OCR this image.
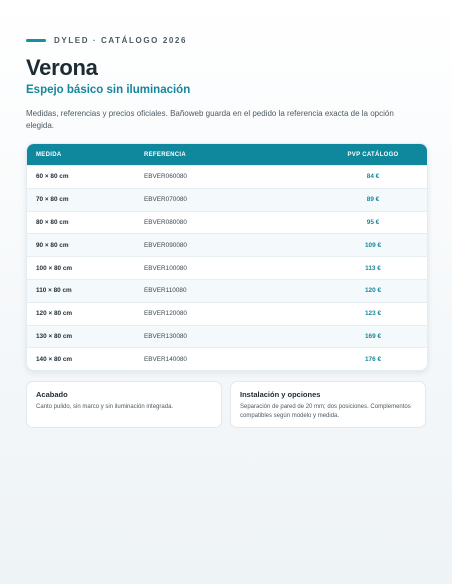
DYLED · CATÁLOGO 2026
Verona
Espejo básico sin iluminación
Medidas, referencias y precios oficiales. Bañoweb guarda en el pedido la referencia exacta de la opción elegida.
MEDIDA	REFERENCIA	PVP CATÁLOGO
60 × 80 cm	EBVER060080	84 €
70 × 80 cm	EBVER070080	89 €
80 × 80 cm	EBVER080080	95 €
90 × 80 cm	EBVER090080	109 €
100 × 80 cm	EBVER100080	113 €
110 × 80 cm	EBVER110080	120 €
120 × 80 cm	EBVER120080	123 €
130 × 80 cm	EBVER130080	169 €
140 × 80 cm	EBVER140080	176 €
Acabado
Canto pulido, sin marco y sin iluminación integrada.
Instalación y opciones
Separación de pared de 20 mm; dos posiciones. Complementos compatibles según modelo y medida.
